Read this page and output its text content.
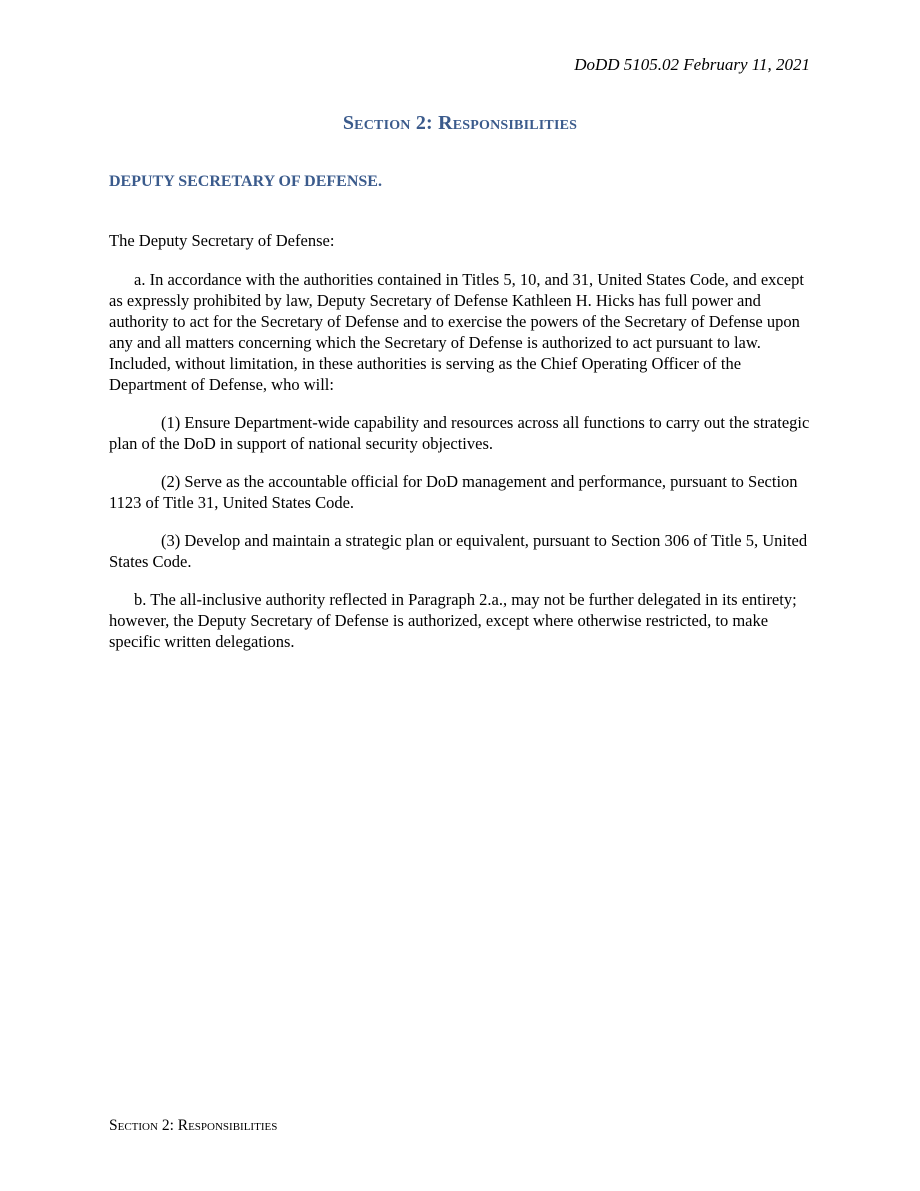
DoDD 5105.02 February 11, 2021
Section 2: Responsibilities
DEPUTY SECRETARY OF DEFENSE.

The Deputy Secretary of Defense:

a. In accordance with the authorities contained in Titles 5, 10, and 31, United States Code, and except as expressly prohibited by law, Deputy Secretary of Defense Kathleen H. Hicks has full power and authority to act for the Secretary of Defense and to exercise the powers of the Secretary of Defense upon any and all matters concerning which the Secretary of Defense is authorized to act pursuant to law. Included, without limitation, in these authorities is serving as the Chief Operating Officer of the Department of Defense, who will:

(1) Ensure Department-wide capability and resources across all functions to carry out the strategic plan of the DoD in support of national security objectives.

(2) Serve as the accountable official for DoD management and performance, pursuant to Section 1123 of Title 31, United States Code.

(3) Develop and maintain a strategic plan or equivalent, pursuant to Section 306 of Title 5, United States Code.

b. The all-inclusive authority reflected in Paragraph 2.a., may not be further delegated in its entirety; however, the Deputy Secretary of Defense is authorized, except where otherwise restricted, to make specific written delegations.

Section 2: Responsibilities
